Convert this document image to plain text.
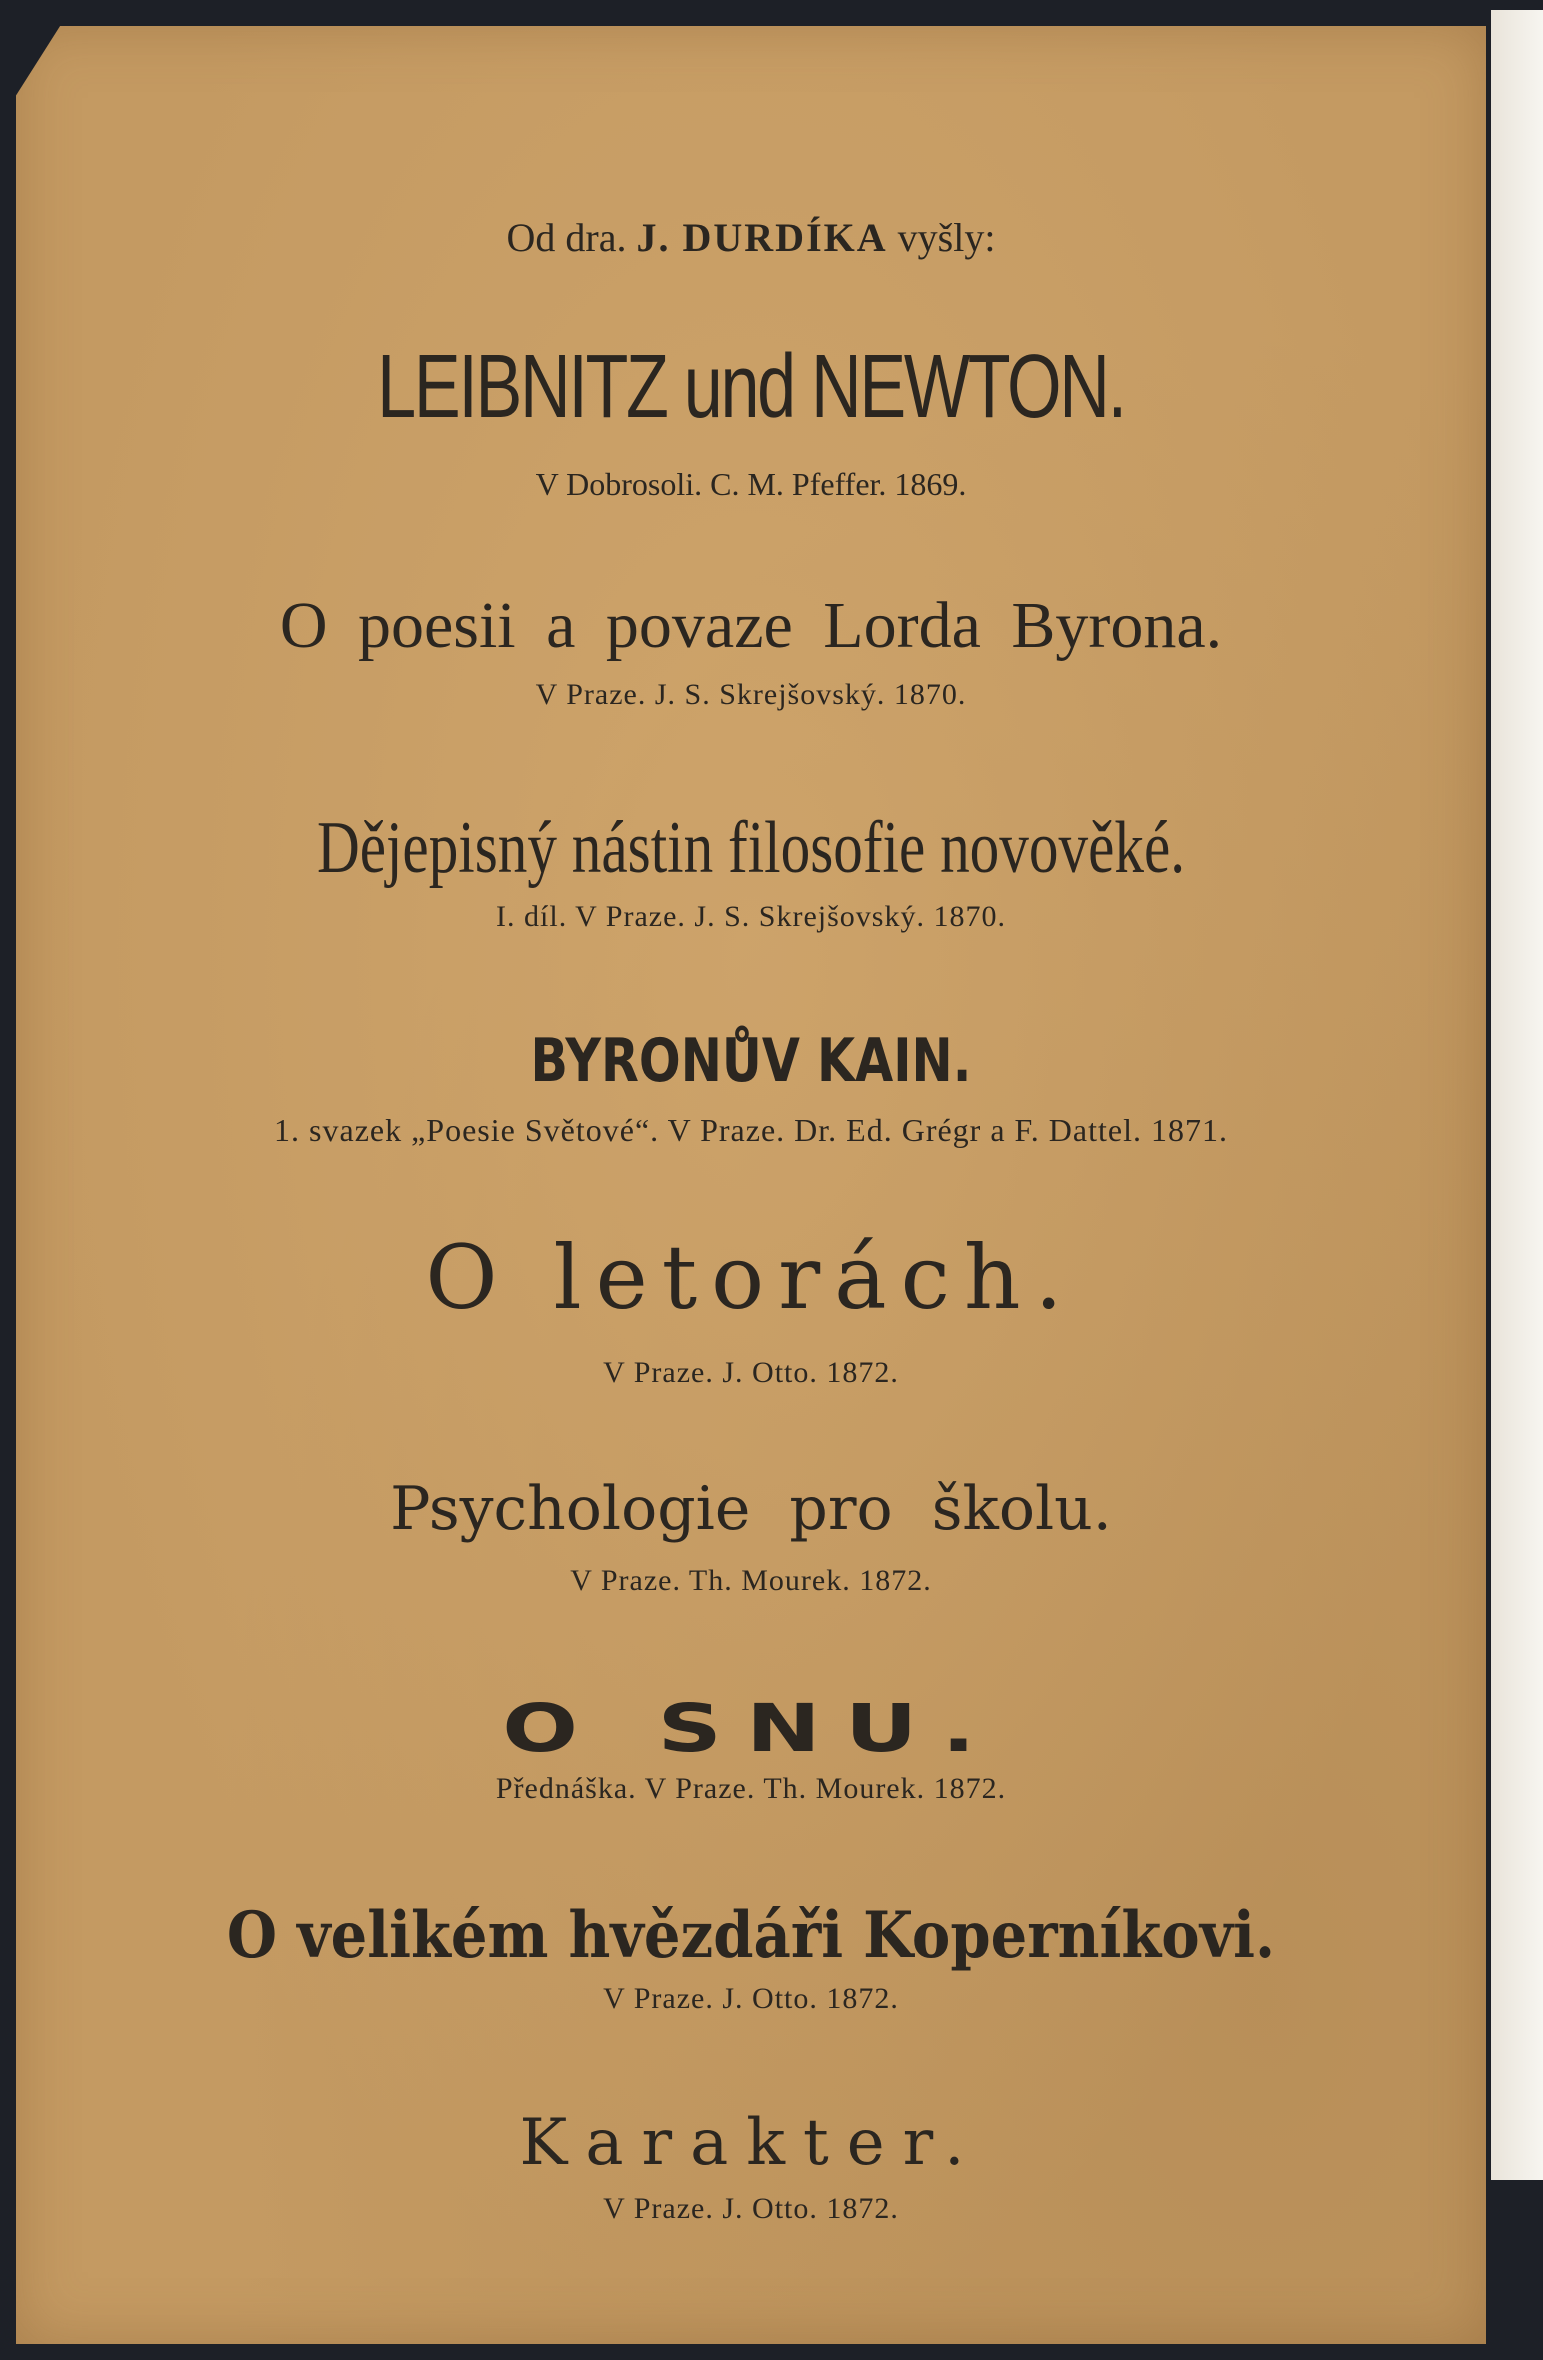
Od dra. J. DURDÍKA vyšly:
LEIBNITZ und NEWTON.
V Dobrosoli. C. M. Pfeffer. 1869.
O poesii a povaze Lorda Byrona.
V Praze. J. S. Skrejšovský. 1870.
Dějepisný nástin filosofie novověké.
I. díl. V Praze. J. S. Skrejšovský. 1870.
BYRONŮV KAIN.
1. svazek „Poesie Světové“. V Praze. Dr. Ed. Grégr a F. Dattel. 1871.
O letorách.
V Praze. J. Otto. 1872.
Psychologie pro školu.
V Praze. Th. Mourek. 1872.
O SNU.
Přednáška. V Praze. Th. Mourek. 1872.
O velikém hvězdáři Koperníkovi.
V Praze. J. Otto. 1872.
Karakter.
V Praze. J. Otto. 1872.
